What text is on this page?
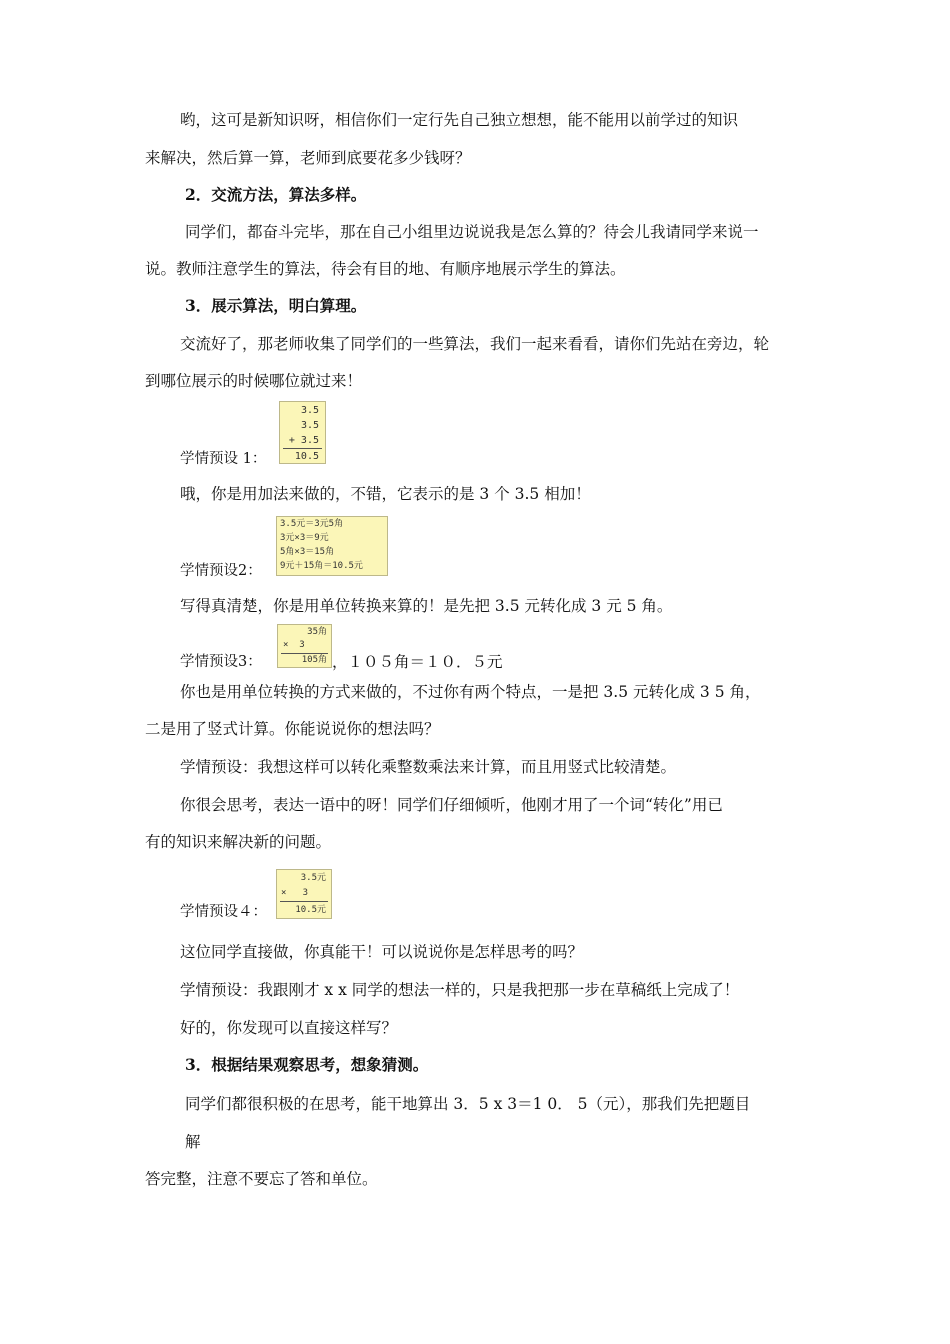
哟，这可是新知识呀，相信你们一定行先自己独立想想，能不能用以前学过的知识
来解决，然后算一算，老师到底要花多少钱呀？
2．交流方法，算法多样。
同学们，都奋斗完毕，那在自己小组里边说说我是怎么算的？待会儿我请同学来说一
说。教师注意学生的算法，待会有目的地、有顺序地展示学生的算法。
3．展示算法，明白算理。
交流好了，那老师收集了同学们的一些算法，我们一起来看看，请你们先站在旁边，轮
到哪位展示的时候哪位就过来！
3.5
3.5
+ 3.5
10.5
学情预设 1：
哦，你是用加法来做的，不错，它表示的是 3 个 3.5 相加！
3.5元＝3元5角
3元×3＝9元
5角×3＝15角
9元＋15角＝10.5元
学情预设2：
写得真清楚，你是用单位转换来算的！是先把 3.5 元转化成 3 元 5 角。
35角
×  3
105角
学情预设3：	，１０５角＝１０．５元
你也是用单位转换的方式来做的，不过你有两个特点，一是把 3.5 元转化成 3 5 角，
二是用了竖式计算。你能说说你的想法吗？
学情预设：我想这样可以转化乘整数乘法来计算，而且用竖式比较清楚。
你很会思考，表达一语中的呀！同学们仔细倾听，他刚才用了一个词“转化”用已
有的知识来解决新的问题。
3.5元
×   3
10.5元
学情预设４：
这位同学直接做，你真能干！可以说说你是怎样思考的吗？
学情预设：我跟刚才 x x 同学的想法一样的，只是我把那一步在草稿纸上完成了！
好的，你发现可以直接这样写？
3．根据结果观察思考，想象猜测。
同学们都很积极的在思考，能干地算出 3．5 x 3＝1 0． 5（元），那我们先把题目
解
答完整，注意不要忘了答和单位。
